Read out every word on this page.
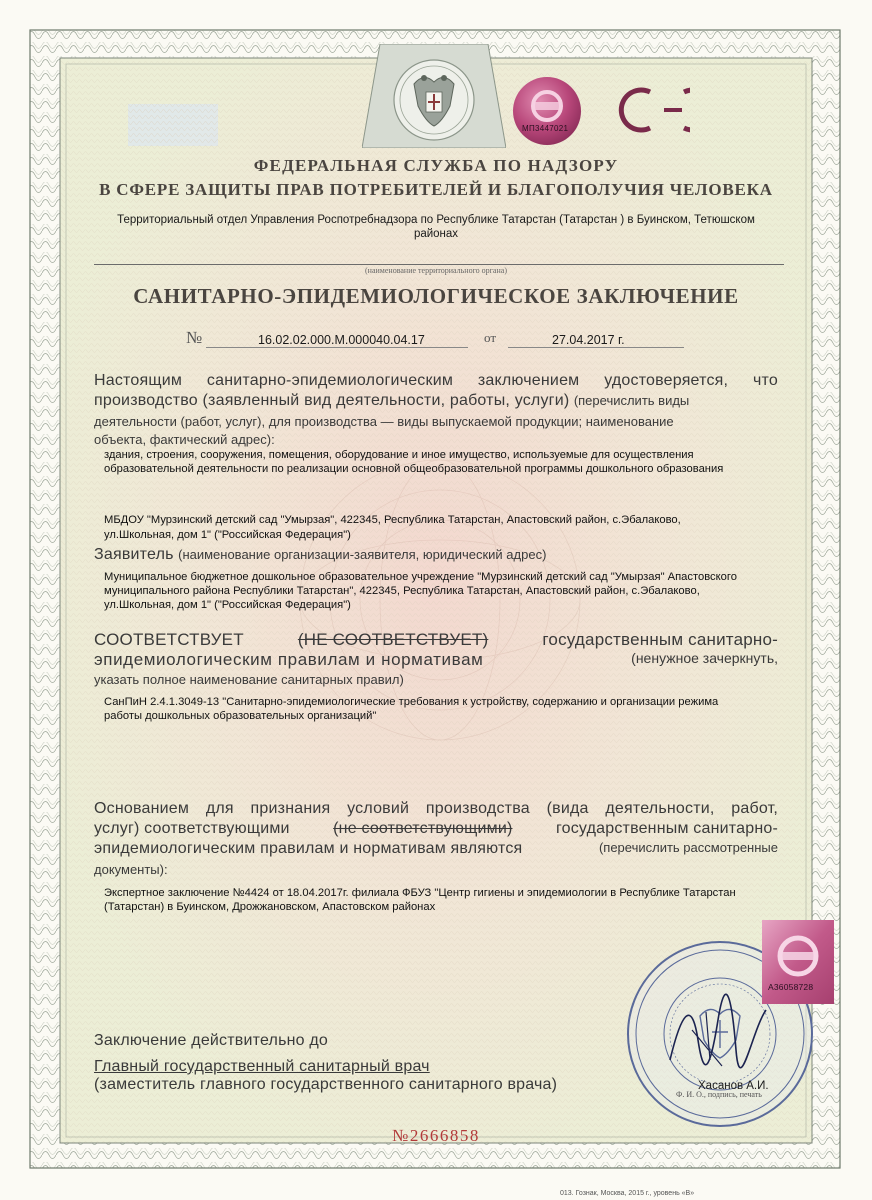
МП3447021
ФЕДЕРАЛЬНАЯ СЛУЖБА ПО НАДЗОРУ
В СФЕРЕ ЗАЩИТЫ ПРАВ ПОТРЕБИТЕЛЕЙ И БЛАГОПОЛУЧИЯ ЧЕЛОВЕКА
Территориальный отдел Управления Роспотребнадзора по Республике Татарстан (Татарстан ) в Буинском, Тетюшском
районах
(наименование территориального органа)
САНИТАРНО-ЭПИДЕМИОЛОГИЧЕСКОЕ ЗАКЛЮЧЕНИЕ
№	16.02.02.000.М.000040.04.17	от	27.04.2017 г.
Настоящим санитарно-эпидемиологическим заключением удостоверяется, что
производство (заявленный вид деятельности, работы, услуги) (перечислить виды
деятельности (работ, услуг), для производства — виды выпускаемой продукции; наименование
объекта, фактический адрес):
здания, строения, сооружения, помещения, оборудование и иное имущество, используемые для осуществления
образовательной деятельности по реализации основной общеобразовательной программы дошкольного образования
МБДОУ "Мурзинский детский сад "Умырзая", 422345, Республика Татарстан, Апастовский район, с.Эбалаково,
ул.Школьная, дом 1" ("Российская Федерация")
Заявитель (наименование организации-заявителя, юридический адрес)
Муниципальное бюджетное дошкольное образовательное учреждение "Мурзинский детский сад "Умырзая" Апастовского
муниципального района Республики Татарстан", 422345, Республика Татарстан, Апастовский район, с.Эбалаково,
ул.Школьная, дом 1" ("Российская Федерация")
СООТВЕТСТВУЕТ	(НЕ СООТВЕТСТВУЕТ)	государственным санитарно-
эпидемиологическим правилам и нормативам	(ненужное зачеркнуть,
указать полное наименование санитарных правил)
СанПиН 2.4.1.3049-13 "Санитарно-эпидемиологические требования к устройству, содержанию и организации режима
работы дошкольных образовательных организаций"
Основанием для признания условий производства (вида деятельности, работ,
услуг) соответствующими	(не соответствующими)	государственным санитарно-
эпидемиологическим правилам и нормативам являются	(перечислить рассмотренные
документы):
Экспертное заключение №4424 от 18.04.2017г. филиала ФБУЗ "Центр гигиены и эпидемиологии в Республике Татарстан
(Татарстан) в Буинском, Дрожжановском, Апастовском районах
А36058728
Заключение действительно до
Главный государственный санитарный врач
(заместитель главного государственного санитарного врача)	Хасанов А.И.
Ф. И. О., подпись, печать
№2666858
013. Гознак, Москва, 2015 г., уровень «В»
